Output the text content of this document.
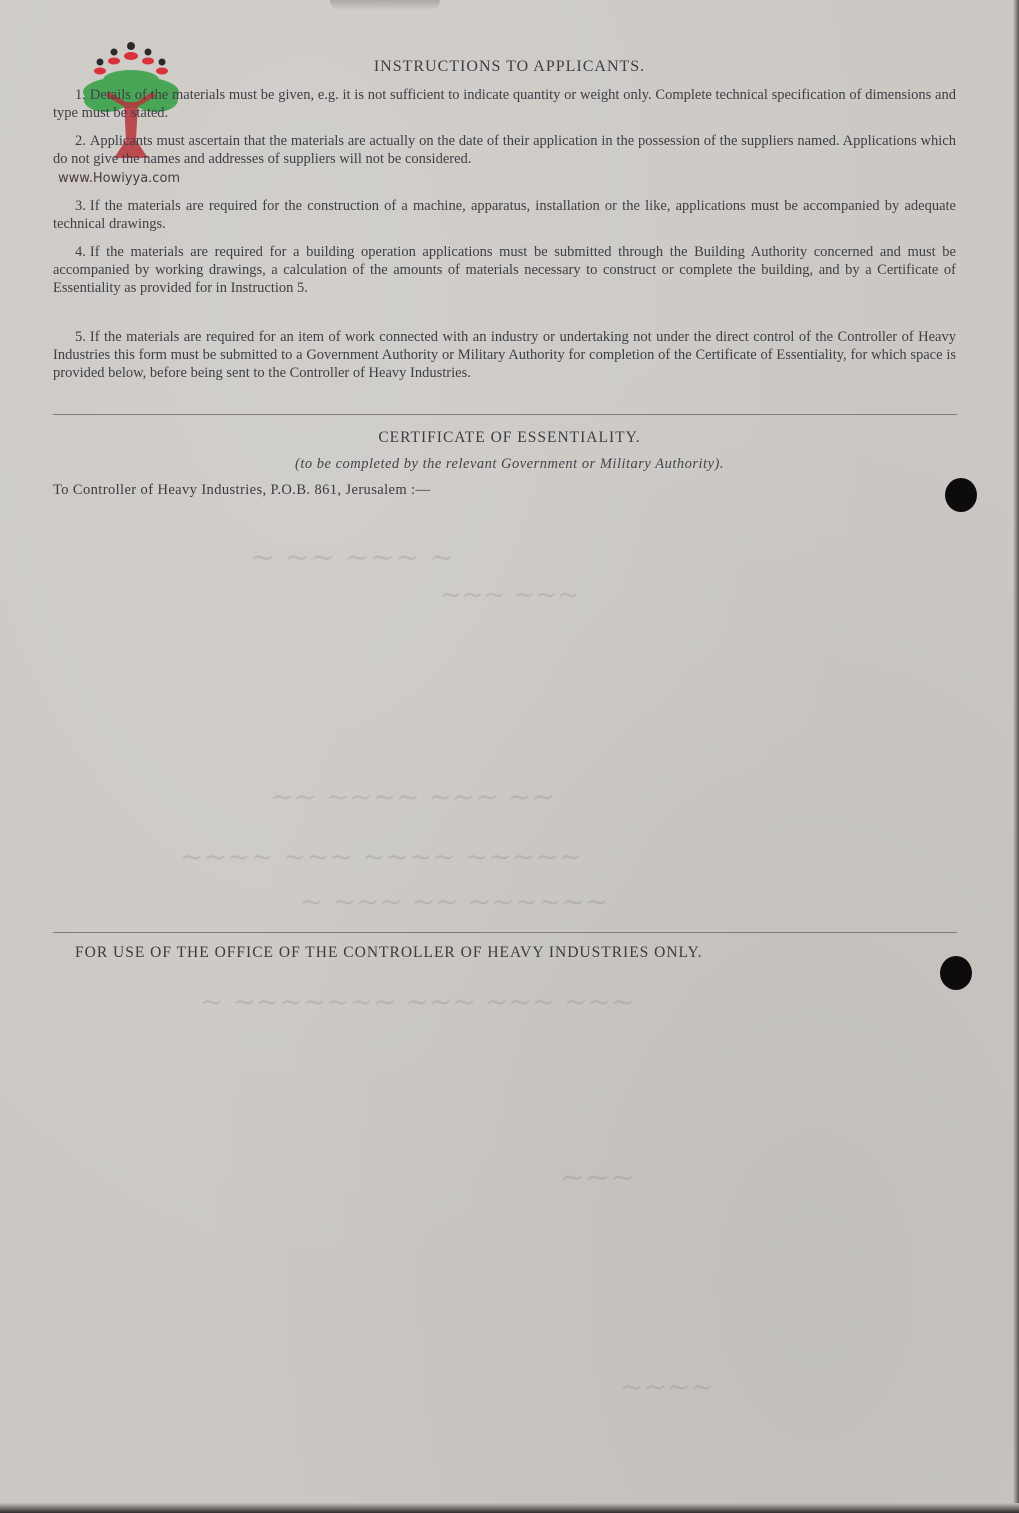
~ ~~ ~~~ ~
~~~ ~~~
~~ ~~~~ ~~~ ~~
~~~~ ~~~ ~~~~ ~~~~~
~ ~~~ ~~ ~~~~~~
~ ~~~~~~~ ~~~ ~~~ ~~~
~~~
~~~~
www.Howiyya.com
INSTRUCTIONS TO APPLICANTS.

1. Details of the materials must be given, e.g. it is not sufficient to indicate quantity or weight only. Complete technical specification of dimensions and type must be stated.

2. Applicants must ascertain that the materials are actually on the date of their application in the possession of the suppliers named. Applications which do not give the names and addresses of suppliers will not be considered.

3. If the materials are required for the construction of a machine, apparatus, installation or the like, applications must be accompanied by adequate technical drawings.

4. If the materials are required for a building operation applications must be submitted through the Building Authority concerned and must be accompanied by working drawings, a calculation of the amounts of materials necessary to construct or complete the building, and by a Certificate of Essentiality as provided for in Instruction 5.

5. If the materials are required for an item of work connected with an industry or undertaking not under the direct control of the Controller of Heavy Industries this form must be submitted to a Government Authority or Military Authority for completion of the Certificate of Essentiality, for which space is provided below, before being sent to the Controller of Heavy Industries.

CERTIFICATE OF ESSENTIALITY.
(to be completed by the relevant Government or Military Authority).
To Controller of Heavy Industries, P.O.B. 861, Jerusalem :—
FOR USE OF THE OFFICE OF THE CONTROLLER OF HEAVY INDUSTRIES ONLY.
